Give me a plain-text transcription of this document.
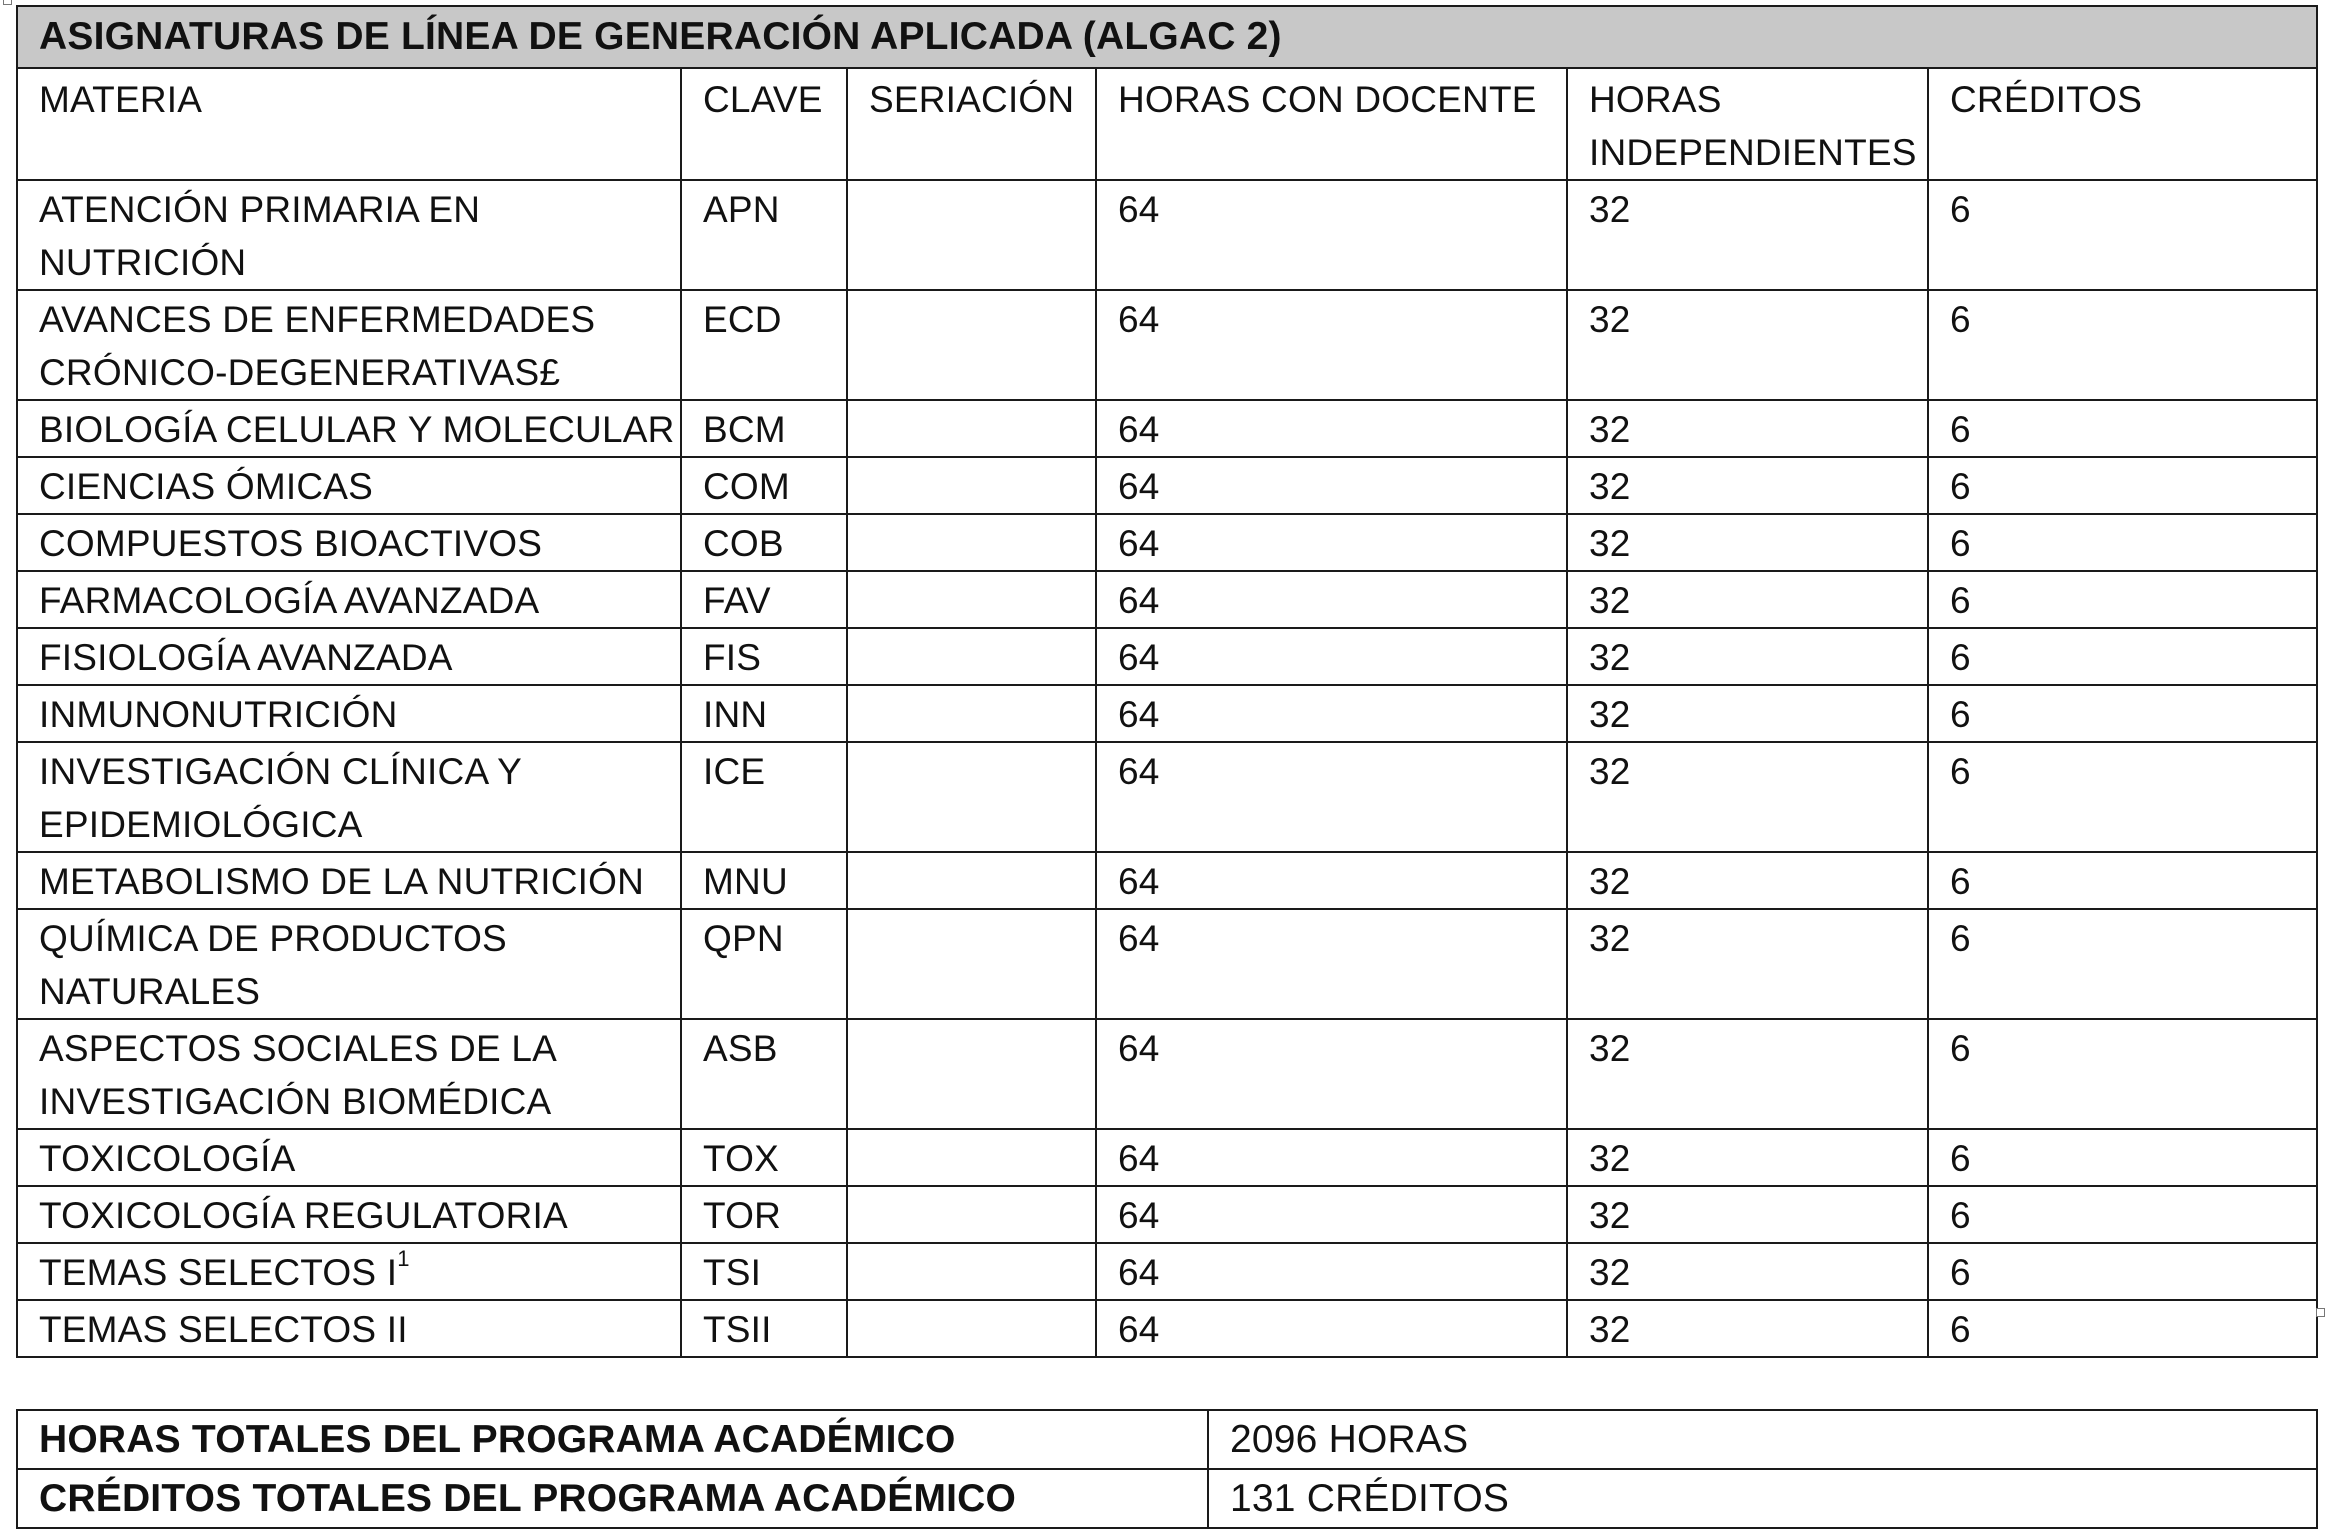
ASIGNATURAS DE LÍNEA DE GENERACIÓN APLICADA (ALGAC 2)					
MATERIA	CLAVE	SERIACIÓN	HORAS CON DOCENTE	HORAS INDEPENDIENTES	CRÉDITOS
ATENCIÓN PRIMARIA EN NUTRICIÓN	APN		64	32	6
AVANCES DE ENFERMEDADES CRÓNICO-DEGENERATIVAS£	ECD		64	32	6
BIOLOGÍA CELULAR Y MOLECULAR	BCM		64	32	6
CIENCIAS ÓMICAS	COM		64	32	6
COMPUESTOS BIOACTIVOS	COB		64	32	6
FARMACOLOGÍA AVANZADA	FAV		64	32	6
FISIOLOGÍA AVANZADA	FIS		64	32	6
INMUNONUTRICIÓN	INN		64	32	6
INVESTIGACIÓN CLÍNICA Y EPIDEMIOLÓGICA	ICE		64	32	6
METABOLISMO DE LA NUTRICIÓN	MNU		64	32	6
QUÍMICA DE PRODUCTOS NATURALES	QPN		64	32	6
ASPECTOS SOCIALES DE LA INVESTIGACIÓN BIOMÉDICA	ASB		64	32	6
TOXICOLOGÍA	TOX		64	32	6
TOXICOLOGÍA REGULATORIA	TOR		64	32	6
TEMAS SELECTOS $I^1$	TSI		64	32	6
TEMAS SELECTOS II	TSII		64	32	6
HORAS TOTALES DEL PROGRAMA ACADÉMICO	2096 HORAS
CRÉDITOS TOTALES DEL PROGRAMA ACADÉMICO	131 CRÉDITOS
